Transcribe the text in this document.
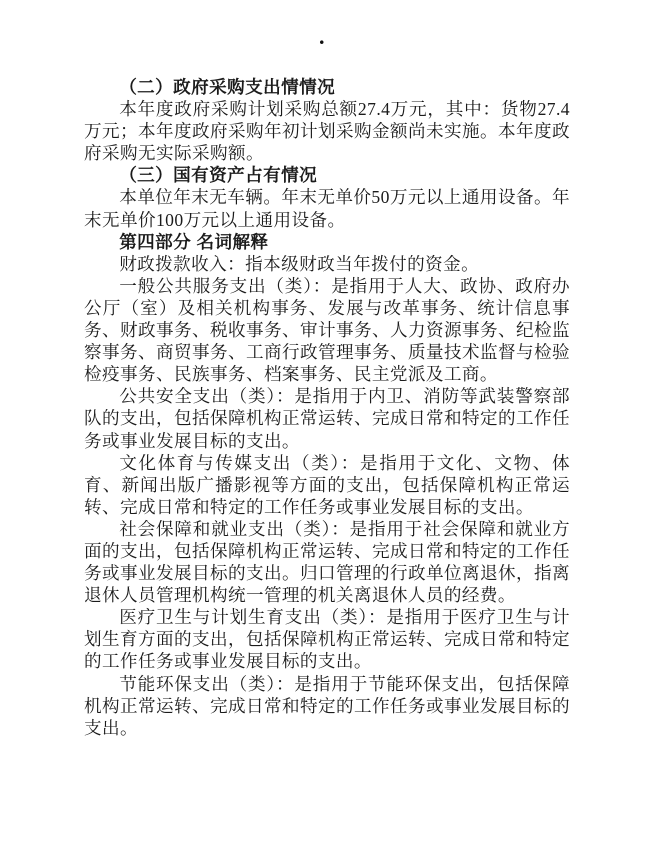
.

（二）政府采购支出情情况

本年度政府采购计划采购总额27.4万元，其中：货物27.4万元；本年度政府采购年初计划采购金额尚未实施。本年度政府采购无实际采购额。

（三）国有资产占有情况

本单位年末无车辆。年末无单价50万元以上通用设备。年末无单价100万元以上通用设备。

第四部分 名词解释

财政拨款收入：指本级财政当年拨付的资金。

一般公共服务支出（类）：是指用于人大、政协、政府办公厅（室）及相关机构事务、发展与改革事务、统计信息事务、财政事务、税收事务、审计事务、人力资源事务、纪检监察事务、商贸事务、工商行政管理事务、质量技术监督与检验检疫事务、民族事务、档案事务、民主党派及工商。

公共安全支出（类）：是指用于内卫、消防等武装警察部队的支出，包括保障机构正常运转、完成日常和特定的工作任务或事业发展目标的支出。

文化体育与传媒支出（类）：是指用于文化、文物、体育、新闻出版广播影视等方面的支出，包括保障机构正常运转、完成日常和特定的工作任务或事业发展目标的支出。

社会保障和就业支出（类）：是指用于社会保障和就业方面的支出，包括保障机构正常运转、完成日常和特定的工作任务或事业发展目标的支出。归口管理的行政单位离退休，指离退休人员管理机构统一管理的机关离退休人员的经费。

医疗卫生与计划生育支出（类）：是指用于医疗卫生与计划生育方面的支出，包括保障机构正常运转、完成日常和特定的工作任务或事业发展目标的支出。

节能环保支出（类）：是指用于节能环保支出，包括保障机构正常运转、完成日常和特定的工作任务或事业发展目标的支出。
